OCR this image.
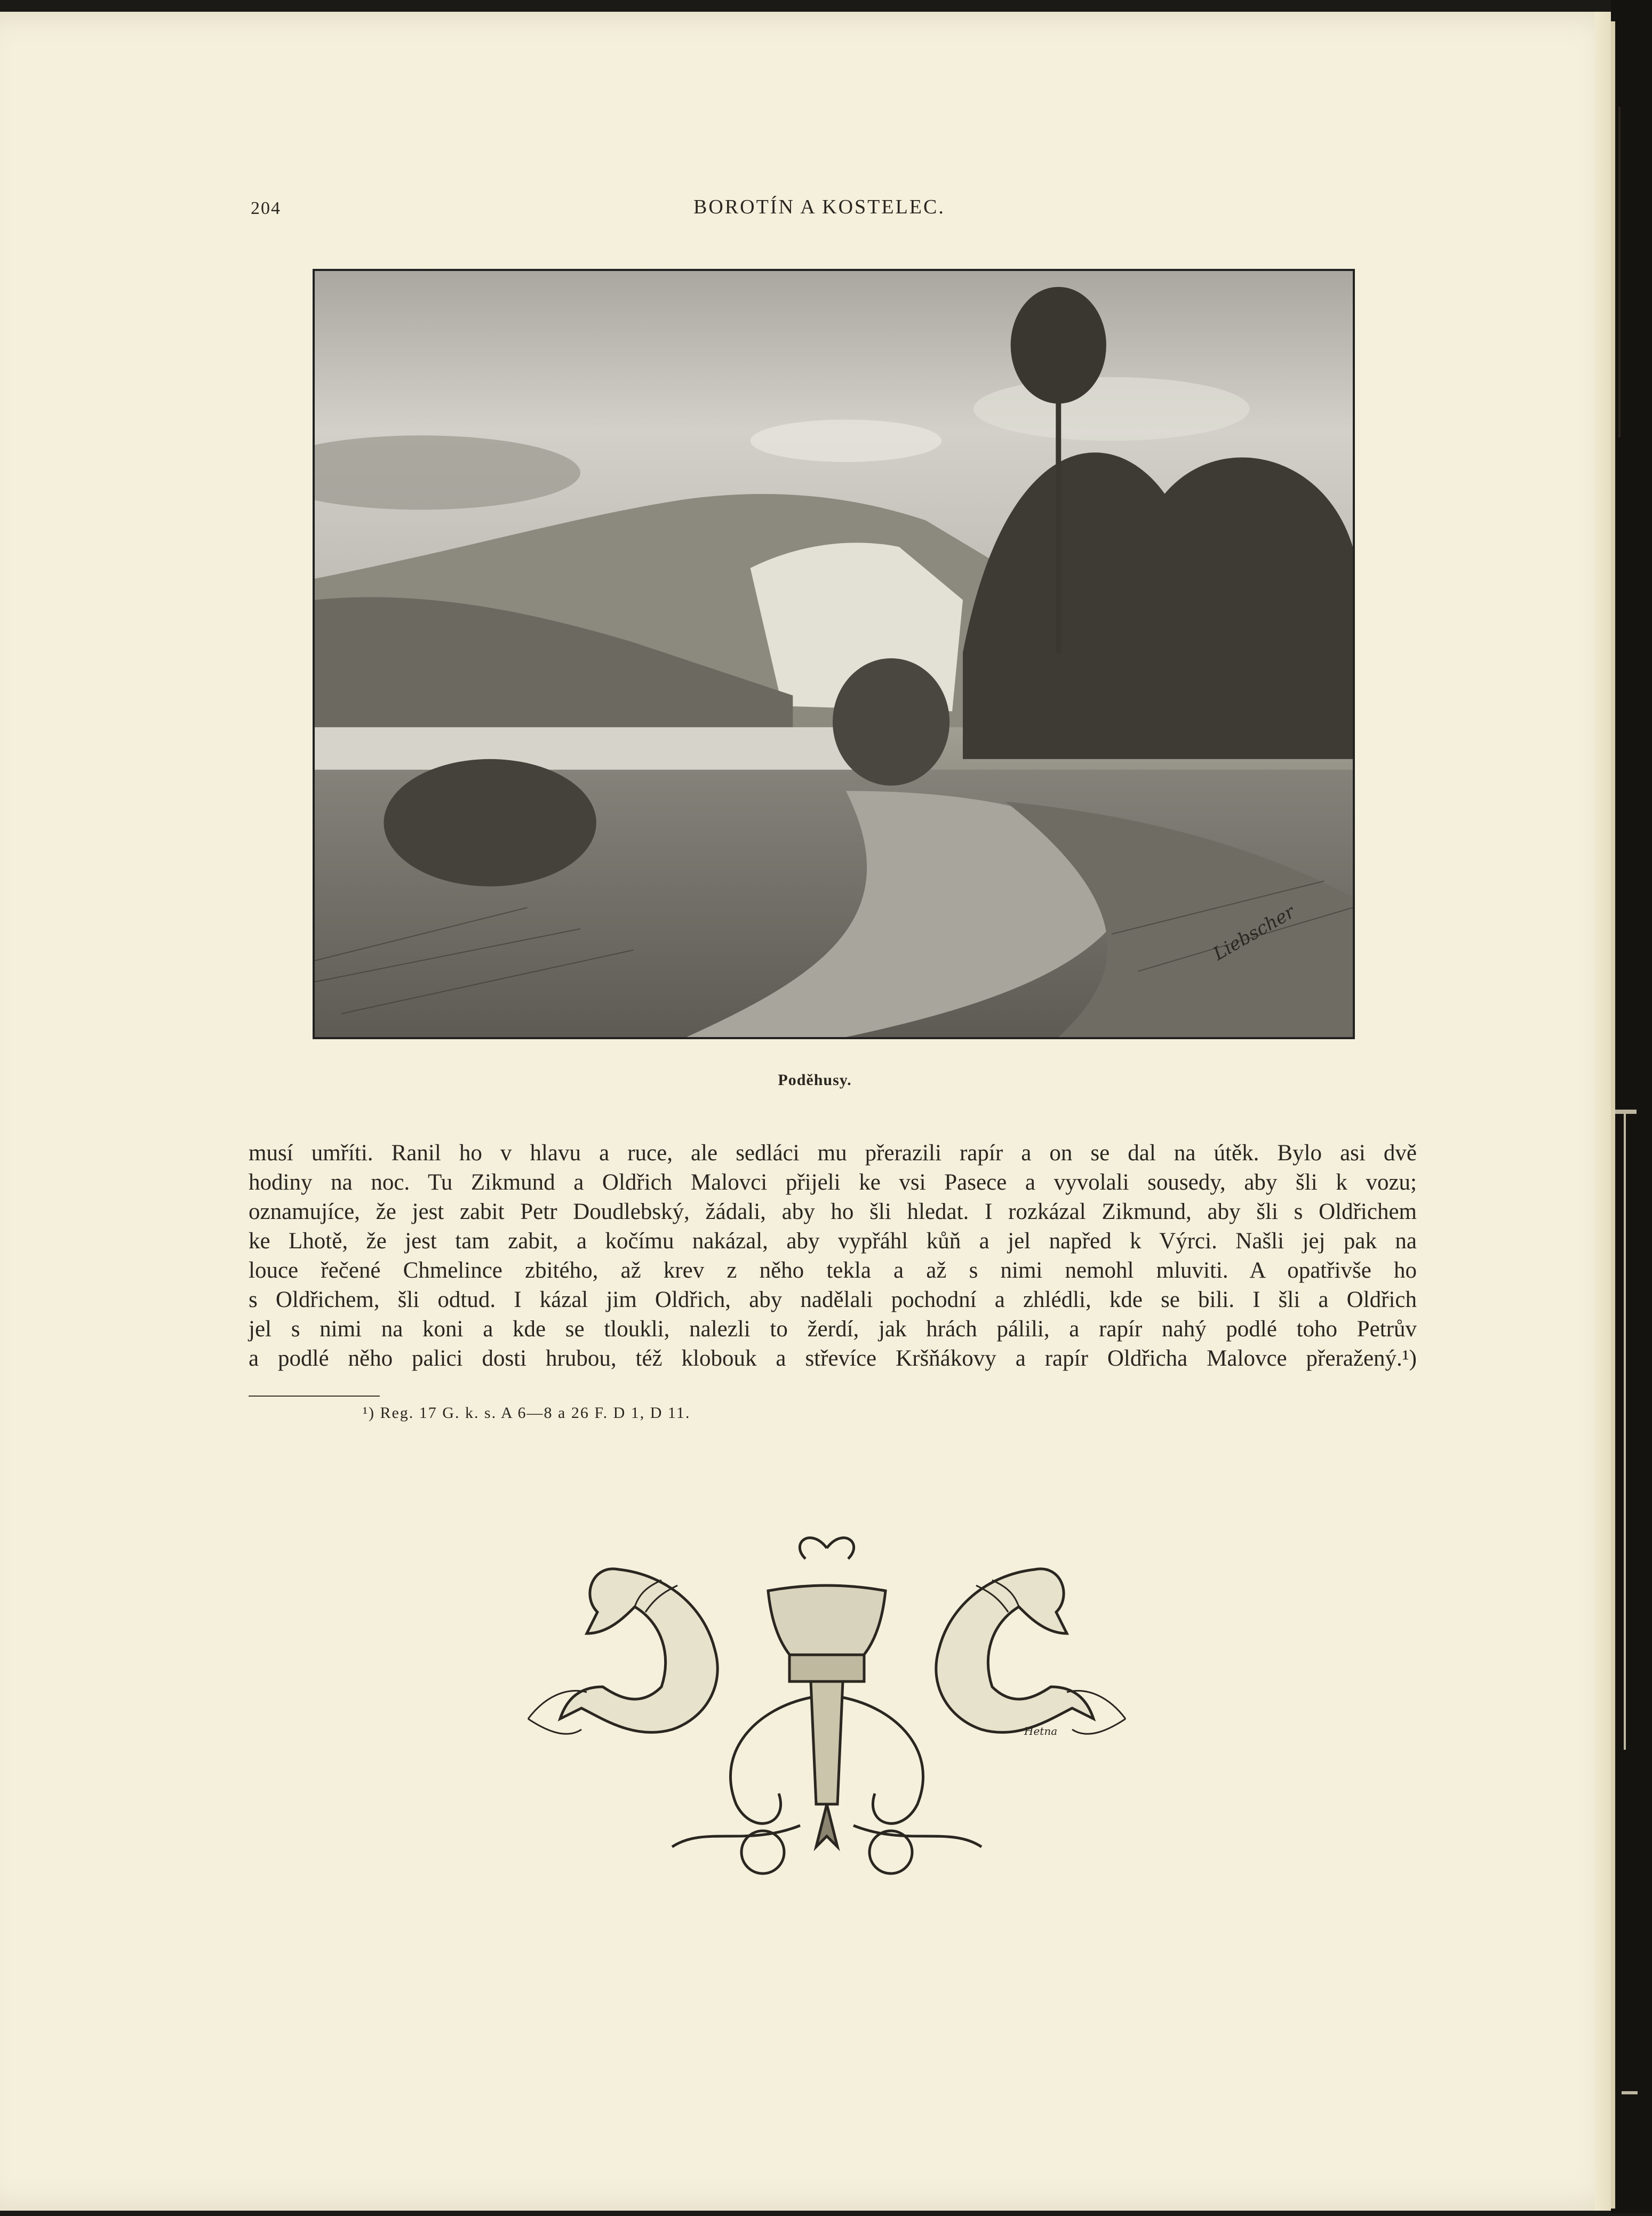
204	BOROTÍN A KOSTELEC.
Liebscher
Poděhusy.
musí umříti. Ranil ho v hlavu a ruce, ale sedláci mu přerazili rapír a on se dal na útěk. Bylo asi dvě
hodiny na noc. Tu Zikmund a Oldřich Malovci přijeli ke vsi Pasece a vyvolali sousedy, aby šli k vozu;
oznamujíce, že jest zabit Petr Doudlebský, žádali, aby ho šli hledat. I rozkázal Zikmund, aby šli s Oldřichem
ke Lhotě, že jest tam zabit, a kočímu nakázal, aby vypřáhl kůň a jel napřed k Výrci. Našli jej pak na
louce řečené Chmelince zbitého, až krev z něho tekla a až s nimi nemohl mluviti. A opatřivše ho
s Oldřichem, šli odtud. I kázal jim Oldřich, aby nadělali pochodní a zhlédli, kde se bili. I šli a Oldřich
jel s nimi na koni a kde se tloukli, nalezli to žerdí, jak hrách pálili, a rapír nahý podlé toho Petrův
a podlé něho palici dosti hrubou, též klobouk a střevíce Kršňákovy a rapír Oldřicha Malovce přeražený.¹)
¹) Reg. 17 G. k. s. A 6—8 a 26 F. D 1, D 11.
Hetna
